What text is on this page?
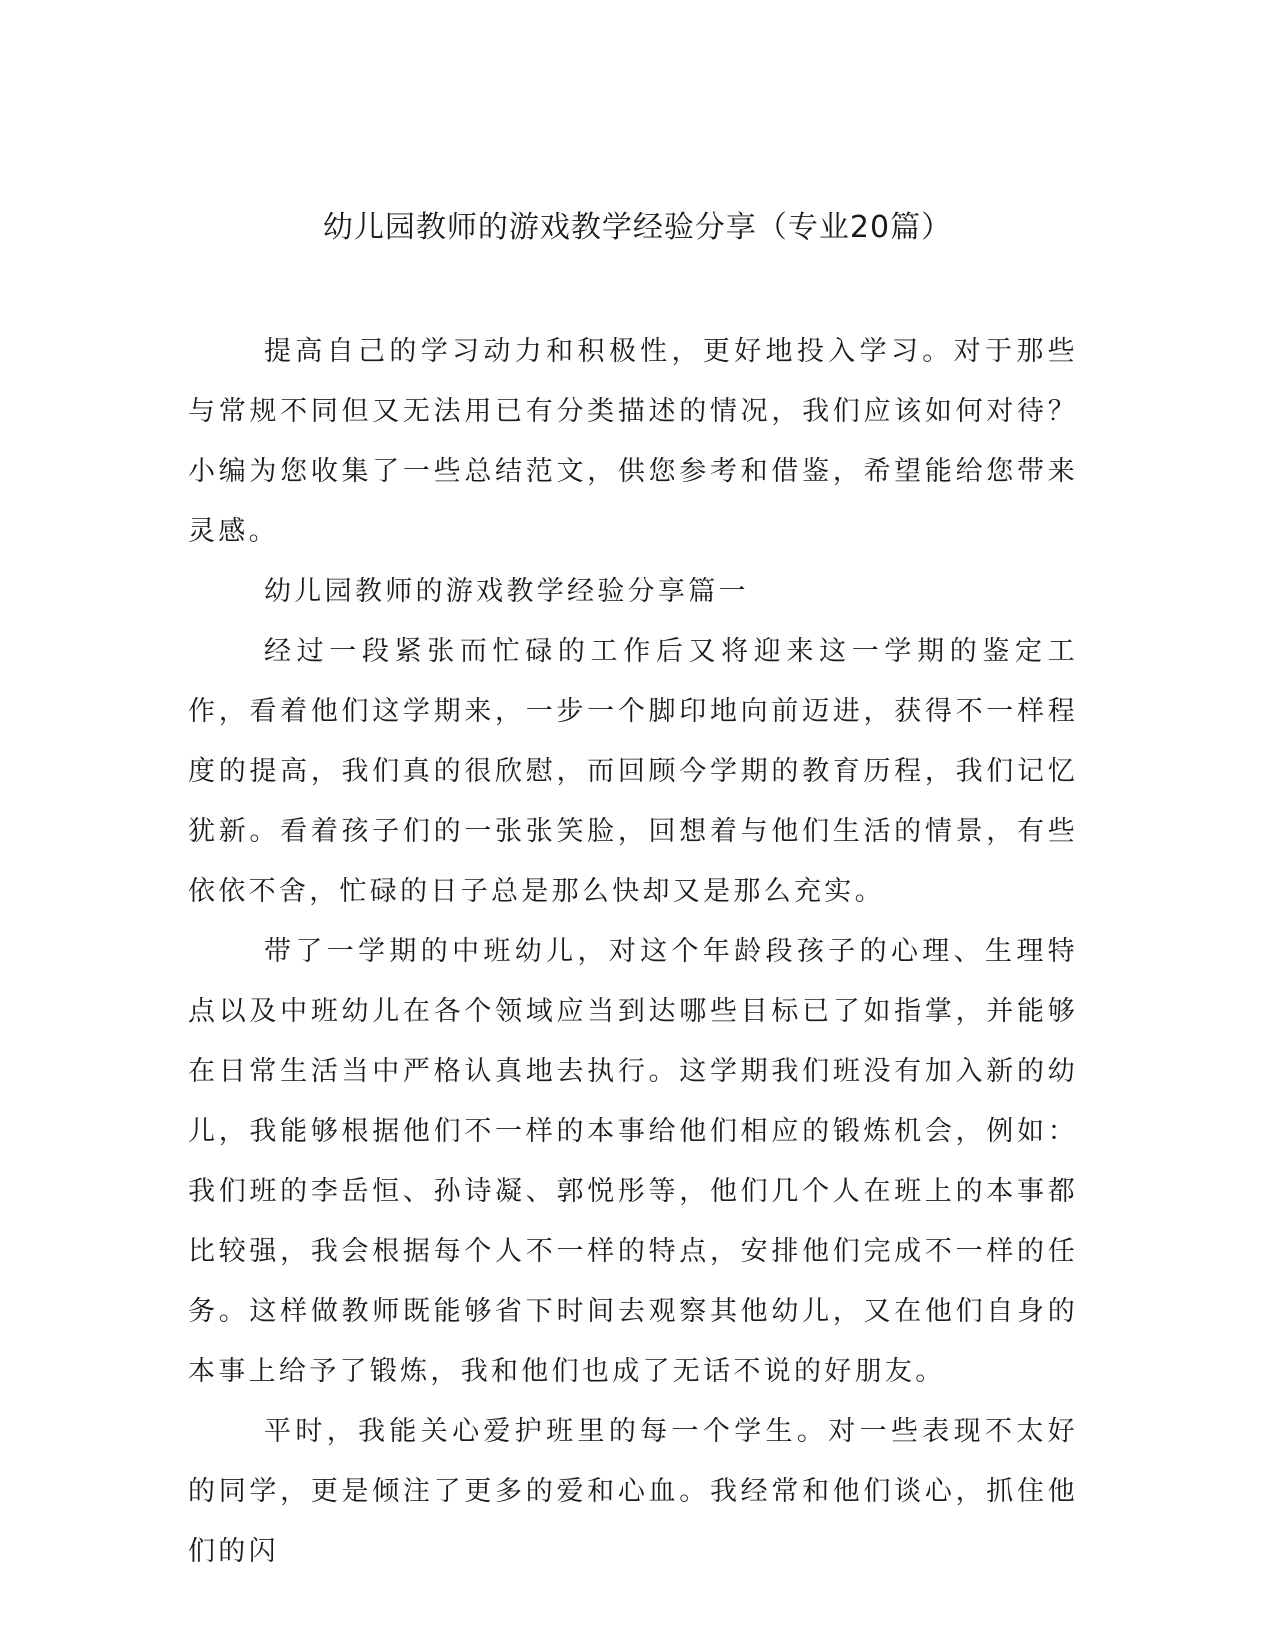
幼儿园教师的游戏教学经验分享（专业20篇）

提高自己的学习动力和积极性，更好地投入学习。对于那些与常规不同但又无法用已有分类描述的情况，我们应该如何对待？小编为您收集了一些总结范文，供您参考和借鉴，希望能给您带来灵感。

幼儿园教师的游戏教学经验分享篇一

经过一段紧张而忙碌的工作后又将迎来这一学期的鉴定工作，看着他们这学期来，一步一个脚印地向前迈进，获得不一样程度的提高，我们真的很欣慰，而回顾今学期的教育历程，我们记忆犹新。看着孩子们的一张张笑脸，回想着与他们生活的情景，有些依依不舍，忙碌的日子总是那么快却又是那么充实。

带了一学期的中班幼儿，对这个年龄段孩子的心理、生理特点以及中班幼儿在各个领域应当到达哪些目标已了如指掌，并能够在日常生活当中严格认真地去执行。这学期我们班没有加入新的幼儿，我能够根据他们不一样的本事给他们相应的锻炼机会，例如：我们班的李岳恒、孙诗凝、郭悦彤等，他们几个人在班上的本事都比较强，我会根据每个人不一样的特点，安排他们完成不一样的任务。这样做教师既能够省下时间去观察其他幼儿，又在他们自身的本事上给予了锻炼，我和他们也成了无话不说的好朋友。

平时，我能关心爱护班里的每一个学生。对一些表现不太好的同学，更是倾注了更多的爱和心血。我经常和他们谈心，抓住他们的闪
